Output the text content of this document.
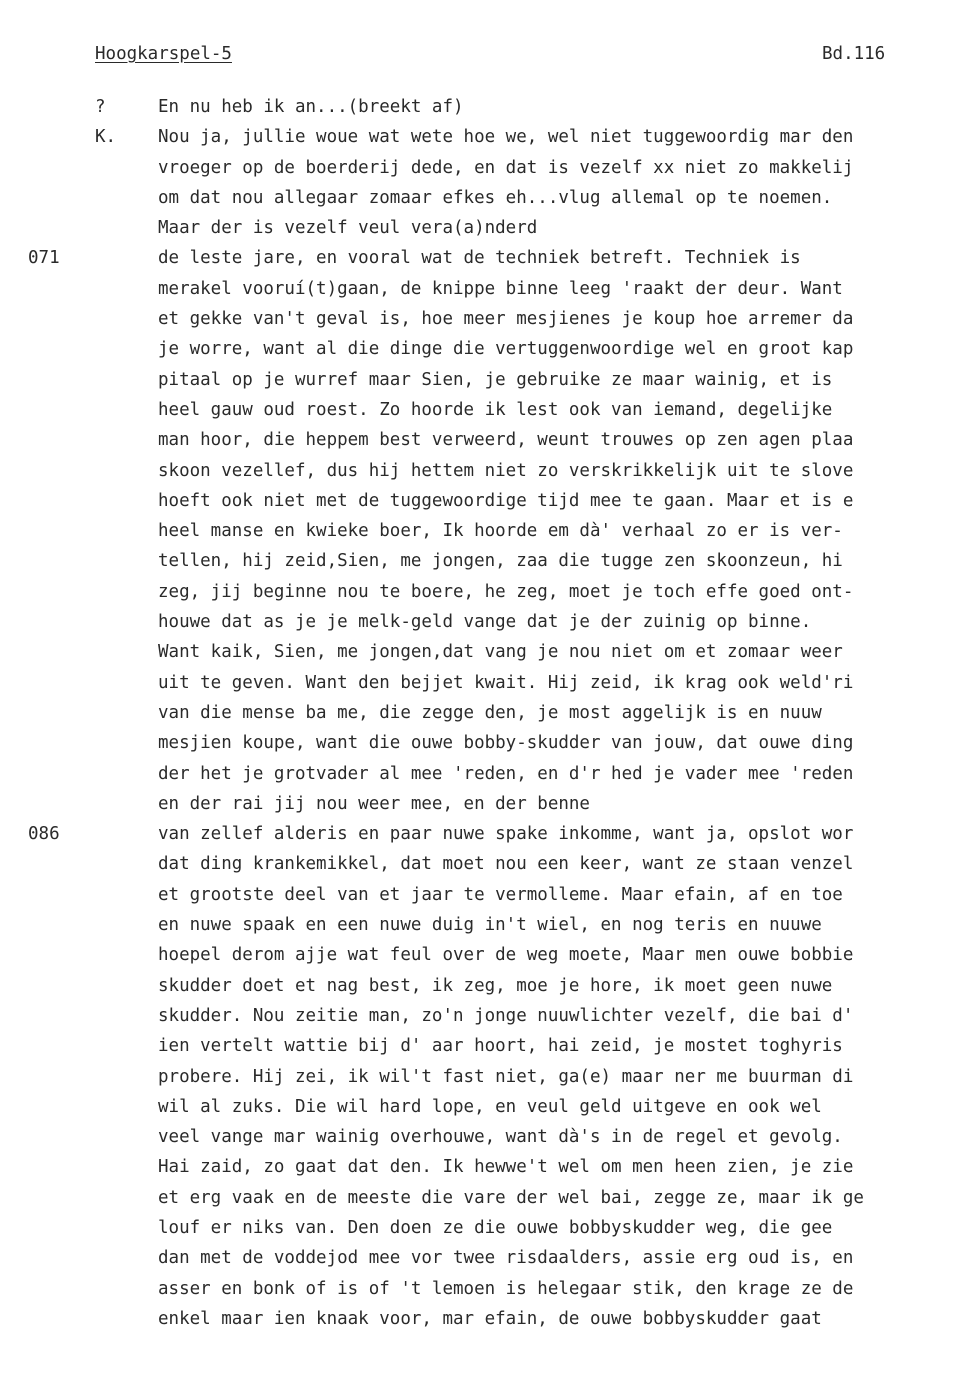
Hoogkarspel-5	Bd.116
?	En nu heb ik an...(breekt af)
K. Nou ja, jullie woue wat wete hoe we, wel niet tuggewoordig mar den
vroeger op de boerderij dede, en dat is vezelf xx niet zo makkelij
om dat nou allegaar zomaar efkes eh...vlug allemal op te noemen.
Maar der is vezelf veul vera(a)nderd
071	de leste jare, en vooral wat de techniek betreft. Techniek is
merakel vooruí(t)gaan, de knippe binne leeg 'raakt der deur. Want
et gekke van't geval is, hoe meer mesjienes je koup hoe arremer da
je worre, want al die dinge die vertuggenwoordige wel en groot kap
pitaal op je wurref maar Sien, je gebruike ze maar wainig, et is
heel gauw oud roest. Zo hoorde ik lest ook van iemand, degelijke
man hoor, die heppem best verweerd, weunt trouwes op zen agen plaa
skoon vezellef, dus hij hettem niet zo verskrikkelijk uit te slove
hoeft ook niet met de tuggewoordige tijd mee te gaan. Maar et is e
heel manse en kwieke boer, Ik hoorde em dà' verhaal zo er is ver-
tellen, hij zeid,Sien, me jongen, zaa die tugge zen skoonzeun, hi
zeg, jij beginne nou te boere, he zeg, moet je toch effe goed ont-
houwe dat as je je melk-geld vange dat je der zuinig op binne.
Want kaik, Sien, me jongen,dat vang je nou niet om et zomaar weer
uit te geven. Want den bejjet kwait. Hij zeid, ik krag ook weld'ri
van die mense ba me, die zegge den, je most aggelijk is en nuuw
mesjien koupe, want die ouwe bobby-skudder van jouw, dat ouwe ding
der het je grotvader al mee 'reden, en d'r hed je vader mee 'reden
en der rai jij nou weer mee, en der benne
086	van zellef alderis en paar nuwe spake inkomme, want ja, opslot wor
dat ding krankemikkel, dat moet nou een keer, want ze staan venzel
et grootste deel van et jaar te vermolleme. Maar efain, af en toe
en nuwe spaak en een nuwe duig in't wiel, en nog teris en nuuwe
hoepel derom ajje wat feul over de weg moete, Maar men ouwe bobbie
skudder doet et nag best, ik zeg, moe je hore, ik moet geen nuwe
skudder. Nou zeitie man, zo'n jonge nuuwlichter vezelf, die bai d'
ien vertelt wattie bij d' aar hoort, hai zeid, je mostet toghyris
probere. Hij zei, ik wil't fast niet, ga(e) maar ner me buurman di
wil al zuks. Die wil hard lope, en veul geld uitgeve en ook wel
veel vange mar wainig overhouwe, want dà's in de regel et gevolg.
Hai zaid, zo gaat dat den. Ik hewwe't wel om men heen zien, je zie
et erg vaak en de meeste die vare der wel bai, zegge ze, maar ik ge
louf er niks van. Den doen ze die ouwe bobbyskudder weg, die gee
dan met de voddejod mee vor twee risdaalders, assie erg oud is, en
asser en bonk of is of 't lemoen is helegaar stik, den krage ze de
enkel maar ien knaak voor, mar efain, de ouwe bobbyskudder gaat
